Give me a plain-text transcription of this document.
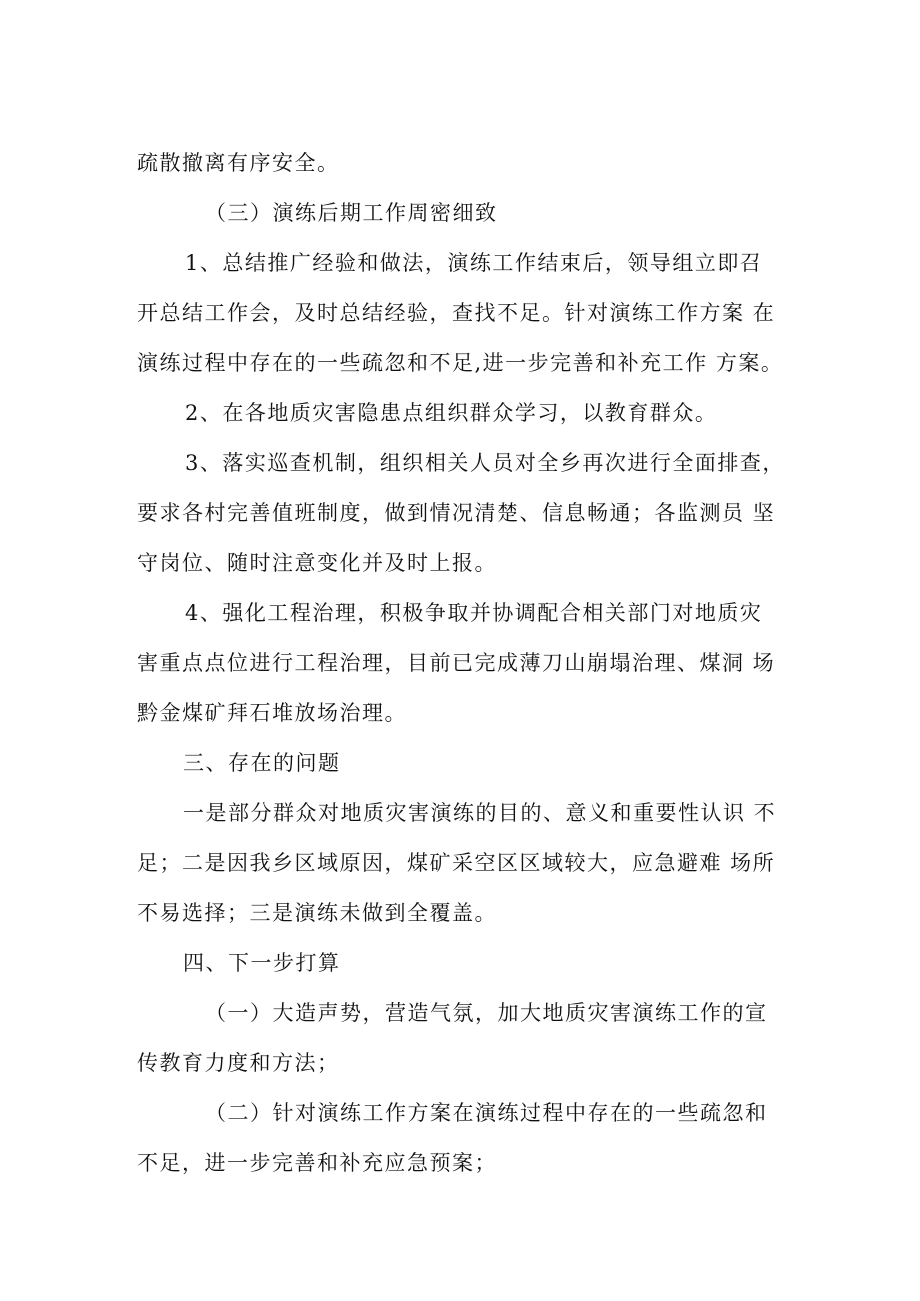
疏散撤离有序安全。
（三）演练后期工作周密细致
1、总结推广经验和做法，演练工作结束后，领导组立即召
开总结工作会，及时总结经验，查找不足。针对演练工作方案 在
演练过程中存在的一些疏忽和不足,进一步完善和补充工作 方案。
2、在各地质灾害隐患点组织群众学习，以教育群众。
3、落实巡查机制，组织相关人员对全乡再次进行全面排查，
要求各村完善值班制度，做到情况清楚、信息畅通；各监测员 坚
守岗位、随时注意变化并及时上报。
4、强化工程治理，积极争取并协调配合相关部门对地质灾
害重点点位进行工程治理，目前已完成薄刀山崩塌治理、煤洞 场
黔金煤矿拜石堆放场治理。
三、存在的问题
一是部分群众对地质灾害演练的目的、意义和重要性认识 不
足；二是因我乡区域原因，煤矿采空区区域较大，应急避难 场所
不易选择；三是演练未做到全覆盖。
四、下一步打算
（一）大造声势，营造气氛，加大地质灾害演练工作的宣
传教育力度和方法；
（二）针对演练工作方案在演练过程中存在的一些疏忽和
不足，进一步完善和补充应急预案；
